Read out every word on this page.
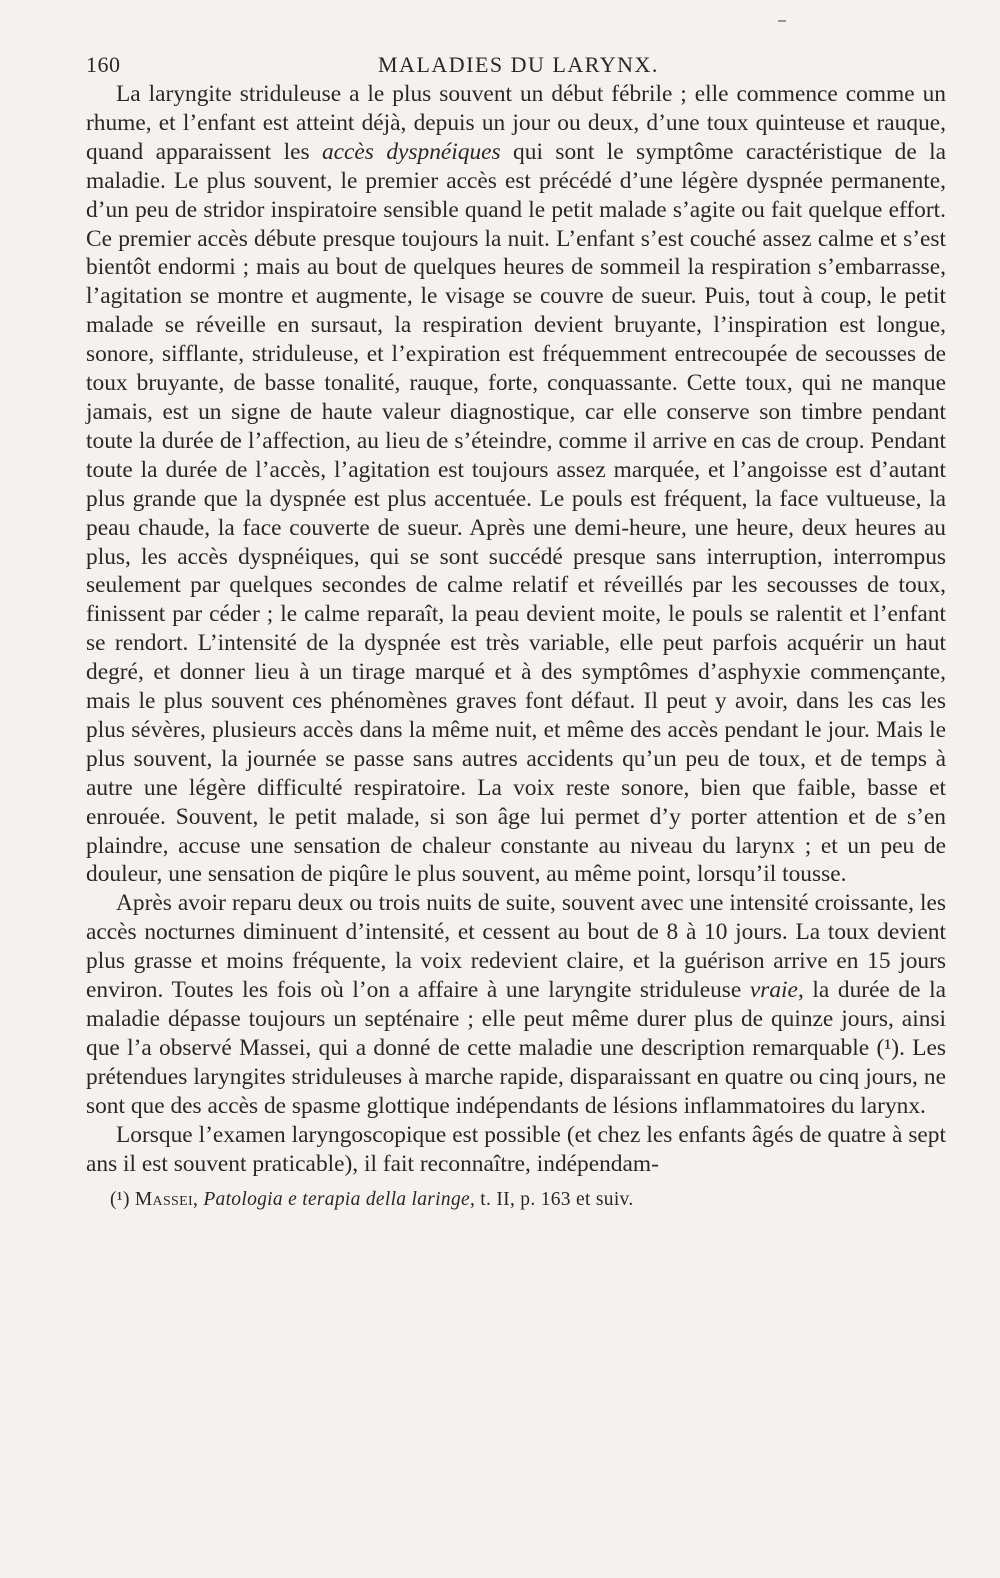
160	MALADIES DU LARYNX.

La laryngite striduleuse a le plus souvent un début fébrile ; elle commence comme un rhume, et l’enfant est atteint déjà, depuis un jour ou deux, d’une toux quinteuse et rauque, quand apparaissent les accès dyspnéiques qui sont le symptôme caractéristique de la maladie. Le plus souvent, le premier accès est précédé d’une légère dyspnée permanente, d’un peu de stridor inspiratoire sensible quand le petit malade s’agite ou fait quelque effort. Ce premier accès débute presque toujours la nuit. L’enfant s’est couché assez calme et s’est bientôt endormi ; mais au bout de quelques heures de sommeil la respiration s’embarrasse, l’agitation se montre et augmente, le visage se couvre de sueur. Puis, tout à coup, le petit malade se réveille en sursaut, la respiration devient bruyante, l’inspiration est longue, sonore, sifflante, striduleuse, et l’expiration est fréquemment entrecoupée de secousses de toux bruyante, de basse tonalité, rauque, forte, conquassante. Cette toux, qui ne manque jamais, est un signe de haute valeur diagnostique, car elle conserve son timbre pendant toute la durée de l’affection, au lieu de s’éteindre, comme il arrive en cas de croup. Pendant toute la durée de l’accès, l’agitation est toujours assez marquée, et l’angoisse est d’autant plus grande que la dyspnée est plus accentuée. Le pouls est fréquent, la face vultueuse, la peau chaude, la face couverte de sueur. Après une demi-heure, une heure, deux heures au plus, les accès dyspnéiques, qui se sont succédé presque sans interruption, interrompus seulement par quelques secondes de calme relatif et réveillés par les secousses de toux, finissent par céder ; le calme reparaît, la peau devient moite, le pouls se ralentit et l’enfant se rendort. L’intensité de la dyspnée est très variable, elle peut parfois acquérir un haut degré, et donner lieu à un tirage marqué et à des symptômes d’asphyxie commençante, mais le plus souvent ces phénomènes graves font défaut. Il peut y avoir, dans les cas les plus sévères, plusieurs accès dans la même nuit, et même des accès pendant le jour. Mais le plus souvent, la journée se passe sans autres accidents qu’un peu de toux, et de temps à autre une légère difficulté respiratoire. La voix reste sonore, bien que faible, basse et enrouée. Souvent, le petit malade, si son âge lui permet d’y porter attention et de s’en plaindre, accuse une sensation de chaleur constante au niveau du larynx ; et un peu de douleur, une sensation de piqûre le plus souvent, au même point, lorsqu’il tousse.

Après avoir reparu deux ou trois nuits de suite, souvent avec une intensité croissante, les accès nocturnes diminuent d’intensité, et cessent au bout de 8 à 10 jours. La toux devient plus grasse et moins fréquente, la voix redevient claire, et la guérison arrive en 15 jours environ. Toutes les fois où l’on a affaire à une laryngite striduleuse vraie, la durée de la maladie dépasse toujours un septénaire ; elle peut même durer plus de quinze jours, ainsi que l’a observé Massei, qui a donné de cette maladie une description remarquable (¹). Les prétendues laryngites striduleuses à marche rapide, disparaissant en quatre ou cinq jours, ne sont que des accès de spasme glottique indépendants de lésions inflammatoires du larynx.

Lorsque l’examen laryngoscopique est possible (et chez les enfants âgés de quatre à sept ans il est souvent praticable), il fait reconnaître, indépendam-

(¹) Massei, Patologia e terapia della laringe, t. II, p. 163 et suiv.
